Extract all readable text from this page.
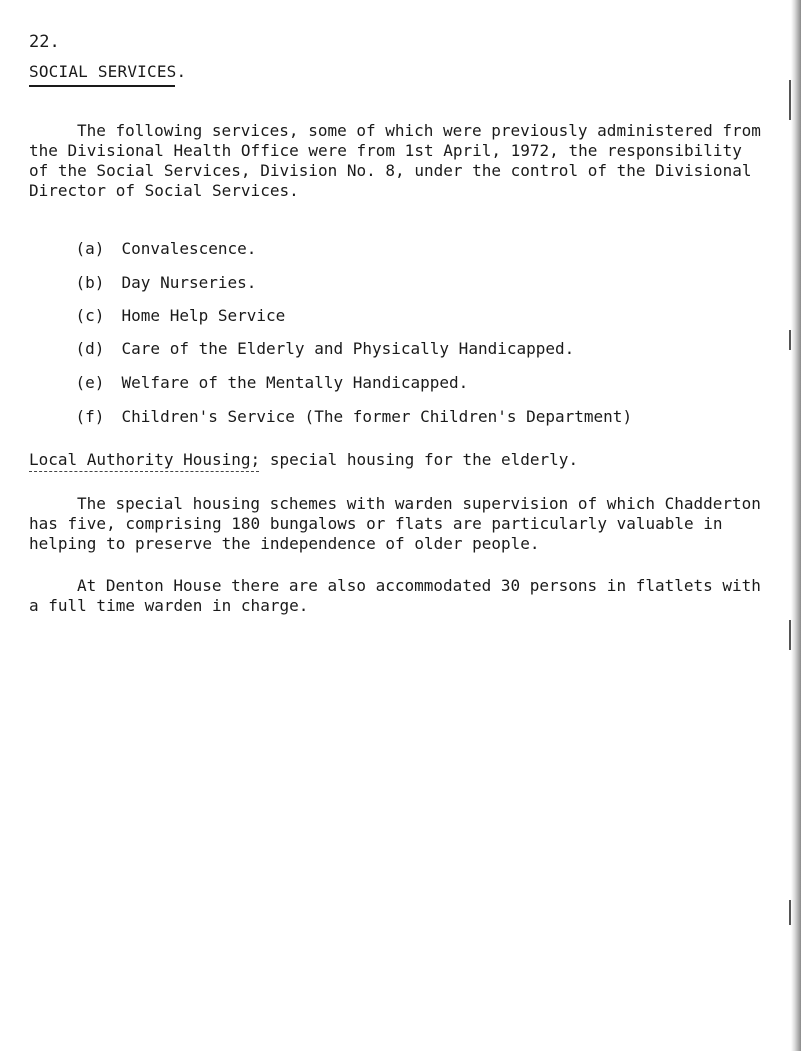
22.
SOCIAL SERVICES.
The following services, some of which were previously administered from
the Divisional Health Office were from 1st April, 1972, the responsibility
of the Social Services, Division No. 8, under the control of the Divisional
Director of Social Services.

(a) Convalescence.

(b) Day Nurseries.

(c) Home Help Service

(d) Care of the Elderly and Physically Handicapped.

(e) Welfare of the Mentally Handicapped.

(f) Children's Service (The former Children's Department)

Local Authority Housing; special housing for the elderly.
The special housing schemes with warden supervision of which Chadderton
has five, comprising 180 bungalows or flats are particularly valuable in
helping to preserve the independence of older people.
At Denton House there are also accommodated 30 persons in flatlets with
a full time warden in charge.
